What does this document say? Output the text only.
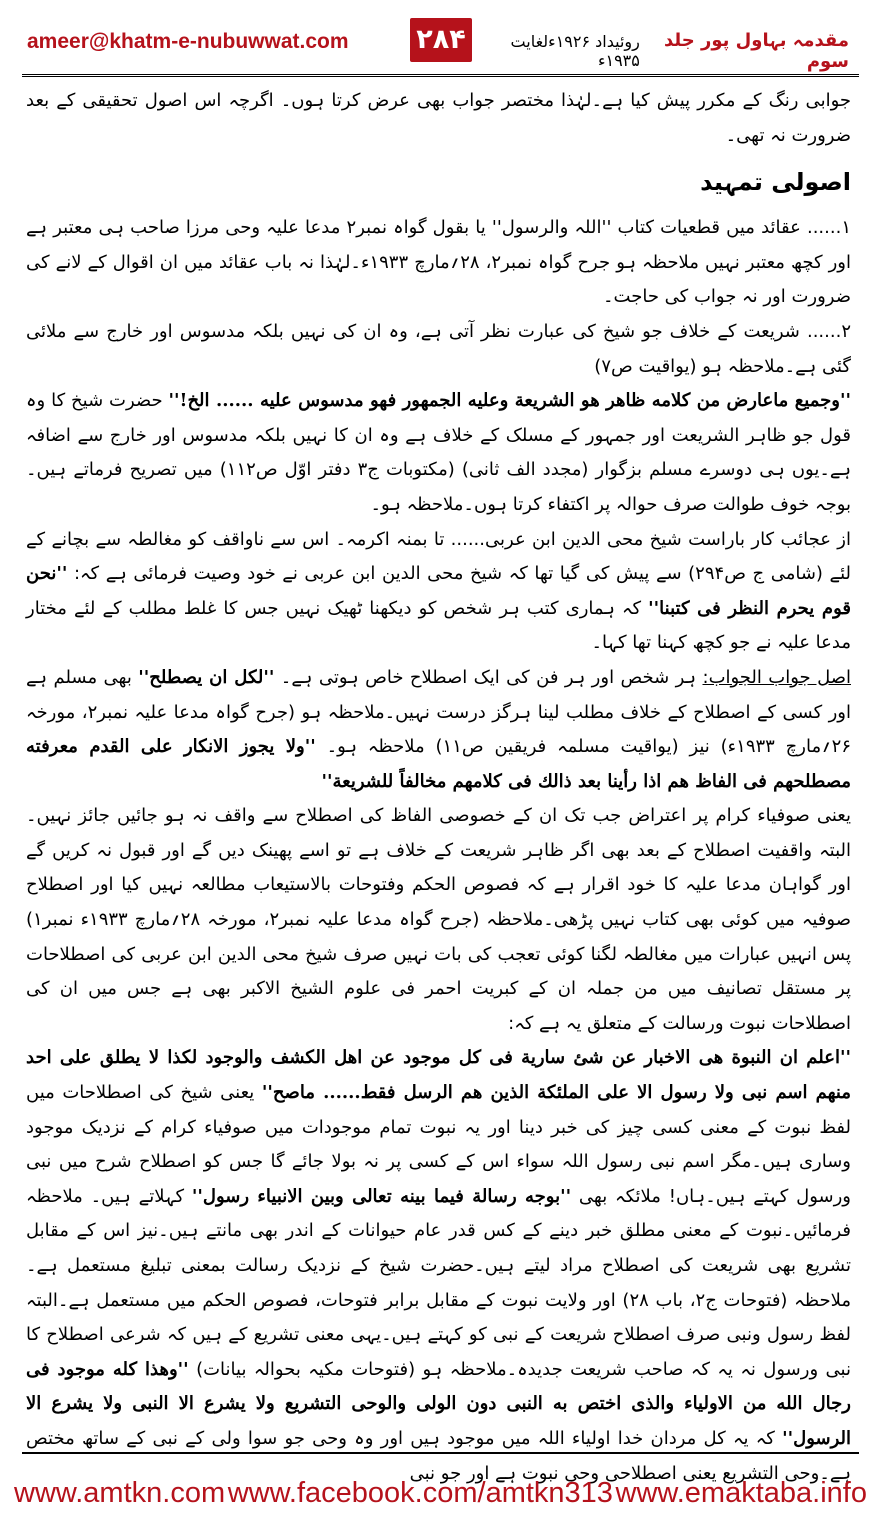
ameer@khatm-e-nubuwwat.com	۲۸۴	مقدمہ بہاول پور جلد سوم
روئیداد ۱۹۲۶ءلغایت ۱۹۳۵ء

جوابی رنگ کے مکرر پیش کیا ہے۔لہٰذا مختصر جواب بھی عرض کرتا ہوں۔ اگرچہ اس اصول تحقیقی کے بعد ضرورت نہ تھی۔

اصولی تمہید

۱...... عقائد میں قطعیات کتاب ''اللہ والرسول'' یا بقول گواہ نمبر۲ مدعا علیہ وحی مرزا صاحب ہی معتبر ہے اور کچھ معتبر نہیں ملاحظہ ہو جرح گواہ نمبر۲، ۲۸؍مارچ ۱۹۳۳ء۔لہٰذا نہ باب عقائد میں ان اقوال کے لانے کی ضرورت اور نہ جواب کی حاجت۔

۲...... شریعت کے خلاف جو شیخ کی عبارت نظر آتی ہے، وہ ان کی نہیں بلکہ مدسوس اور خارج سے ملائی گئی ہے۔ملاحظہ ہو (یواقیت ص۷)

''وجميع ماعارض من كلامه ظاهر هو الشريعة وعليه الجمهور فهو مدسوس عليه ...... الخ!'' حضرت شیخ کا وہ قول جو ظاہر الشریعت اور جمہور کے مسلک کے خلاف ہے وہ ان کا نہیں بلکہ مدسوس اور خارج سے اضافہ ہے۔یوں ہی دوسرے مسلم بزگوار (مجدد الف ثانی) (مکتوبات ج۳ دفتر اوّل ص۱۱۲) میں تصریح فرماتے ہیں۔بوجہ خوف طوالت صرف حوالہ پر اکتفاء کرتا ہوں۔ملاحظہ ہو۔

از عجائب کار باراست شیخ محی الدین ابن عربی...... تا بمنہ اکرمہ۔ اس سے ناواقف کو مغالطہ سے بچانے کے لئے (شامی ج ص۲۹۴) سے پیش کی گیا تھا کہ شیخ محی الدین ابن عربی نے خود وصیت فرمائی ہے کہ: ''نحن قوم يحرم النظر فى كتبنا'' کہ ہماری کتب ہر شخص کو دیکھنا ٹھیک نہیں جس کا غلط مطلب کے لئے مختار مدعا علیہ نے جو کچھ کہنا تھا کہا۔

اصل جواب الجواب: ہر شخص اور ہر فن کی ایک اصطلاح خاص ہوتی ہے۔ ''لكل ان يصطلح'' بھی مسلم ہے اور کسی کے اصطلاح کے خلاف مطلب لینا ہرگز درست نہیں۔ملاحظہ ہو (جرح گواہ مدعا علیہ نمبر۲، مورخہ ۲۶؍مارچ ۱۹۳۳ء) نیز (یواقیت مسلمہ فریقین ص۱۱) ملاحظہ ہو۔ ''ولا يجوز الانكار على القدم معرفته مصطلحهم فى الفاظ هم اذا رأينا بعد ذالك فى كلامهم مخالفاً للشريعة''

یعنی صوفیاء کرام پر اعتراض جب تک ان کے خصوصی الفاظ کی اصطلاح سے واقف نہ ہو جائیں جائز نہیں۔البتہ واقفیت اصطلاح کے بعد بھی اگر ظاہر شریعت کے خلاف ہے تو اسے پھینک دیں گے اور قبول نہ کریں گے اور گواہان مدعا علیہ کا خود اقرار ہے کہ فصوص الحکم وفتوحات بالاستیعاب مطالعہ نہیں کیا اور اصطلاح صوفیہ میں کوئی بھی کتاب نہیں پڑھی۔ملاحظہ (جرح گواہ مدعا علیہ نمبر۲، مورخہ ۲۸؍مارچ ۱۹۳۳ء نمبر۱) پس انہیں عبارات میں مغالطہ لگنا کوئی تعجب کی بات نہیں صرف شیخ محی الدین ابن عربی کی اصطلاحات پر مستقل تصانیف میں من جملہ ان کے کبریت احمر فی علوم الشیخ الاکبر بھی ہے جس میں ان کی اصطلاحات نبوت ورسالت کے متعلق یہ ہے کہ:

''اعلم ان النبوة هى الاخبار عن شئ سارية فى كل موجود عن اهل الكشف والوجود لكذا لا يطلق على احد منهم اسم نبى ولا رسول الا على الملئكة الذين هم الرسل فقط...... ماصح'' یعنی شیخ کی اصطلاحات میں لفظ نبوت کے معنی کسی چیز کی خبر دینا اور یہ نبوت تمام موجودات میں صوفیاء کرام کے نزدیک موجود وساری ہیں۔مگر اسم نبی رسول اللہ سواء اس کے کسی پر نہ بولا جائے گا جس کو اصطلاح شرح میں نبی ورسول کہتے ہیں۔ہاں! ملائکہ بھی ''بوجه رسالة فيما بينه تعالى وبين الانبياء رسول'' کہلاتے ہیں۔ ملاحظہ فرمائیں۔نبوت کے معنی مطلق خبر دینے کے کس قدر عام حیوانات کے اندر بھی مانتے ہیں۔نیز اس کے مقابل تشریع بھی شریعت کی اصطلاح مراد لیتے ہیں۔حضرت شیخ کے نزدیک رسالت بمعنی تبلیغ مستعمل ہے۔ملاحظہ (فتوحات ج۲، باب ۲۸) اور ولایت نبوت کے مقابل برابر فتوحات، فصوص الحکم میں مستعمل ہے۔البتہ لفظ رسول ونبی صرف اصطلاح شریعت کے نبی کو کہتے ہیں۔یہی معنی تشریع کے ہیں کہ شرعی اصطلاح کا نبی ورسول نہ یہ کہ صاحب شریعت جدیدہ۔ملاحظہ ہو (فتوحات مکیہ بحوالہ بیانات) ''وهذا كله موجود فى رجال الله من الاولياء والذى اختص به النبى دون الولى والوحى التشريع ولا يشرع الا النبى ولا يشرع الا الرسول'' کہ یہ کل مردان خدا اولیاء اللہ میں موجود ہیں اور وہ وحی جو سوا ولی کے نبی کے ساتھ مختص ہے۔وحی التشریع یعنی اصطلاحی وحی نبوت ہے اور جو نبی

www.amtkn.com www.facebook.com/amtkn313 www.emaktaba.info
